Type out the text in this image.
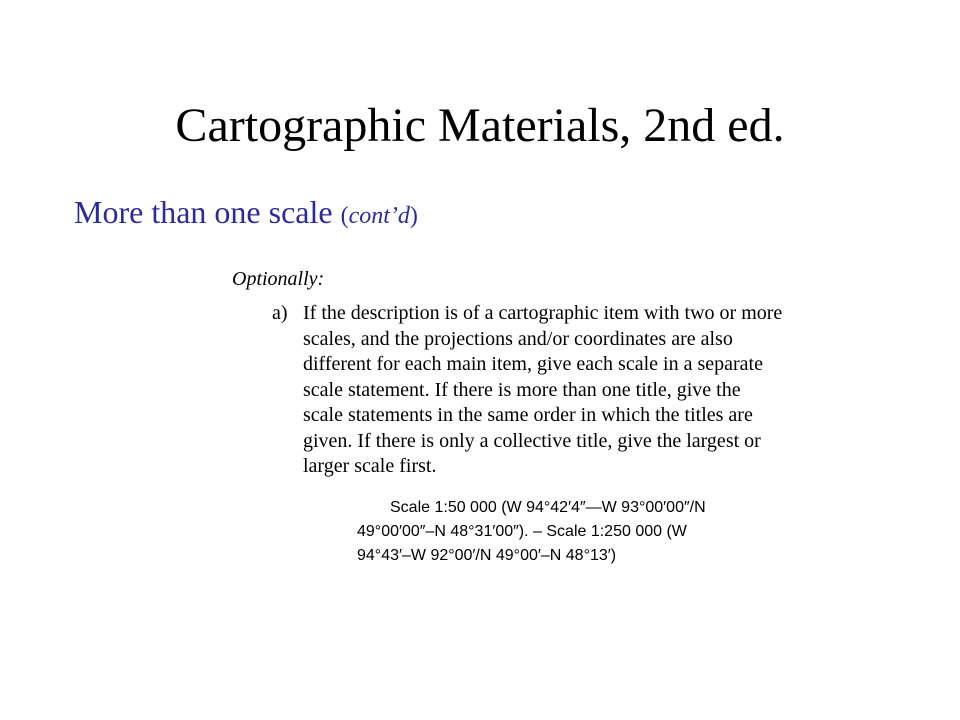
Cartographic Materials, 2nd ed.
More than one scale (cont’d)
Optionally:
a) If the description is of a cartographic item with two or more
scales, and the projections and/or coordinates are also
different for each main item, give each scale in a separate
scale statement. If there is more than one title, give the
scale statements in the same order in which the titles are
given. If there is only a collective title, give the largest or
larger scale first.
Scale 1:50 000 (W 94°42′4″—W 93°00′00″/N
49°00′00″–N 48°31′00″). – Scale 1:250 000 (W
94°43′–W 92°00′/N 49°00′–N 48°13′)
